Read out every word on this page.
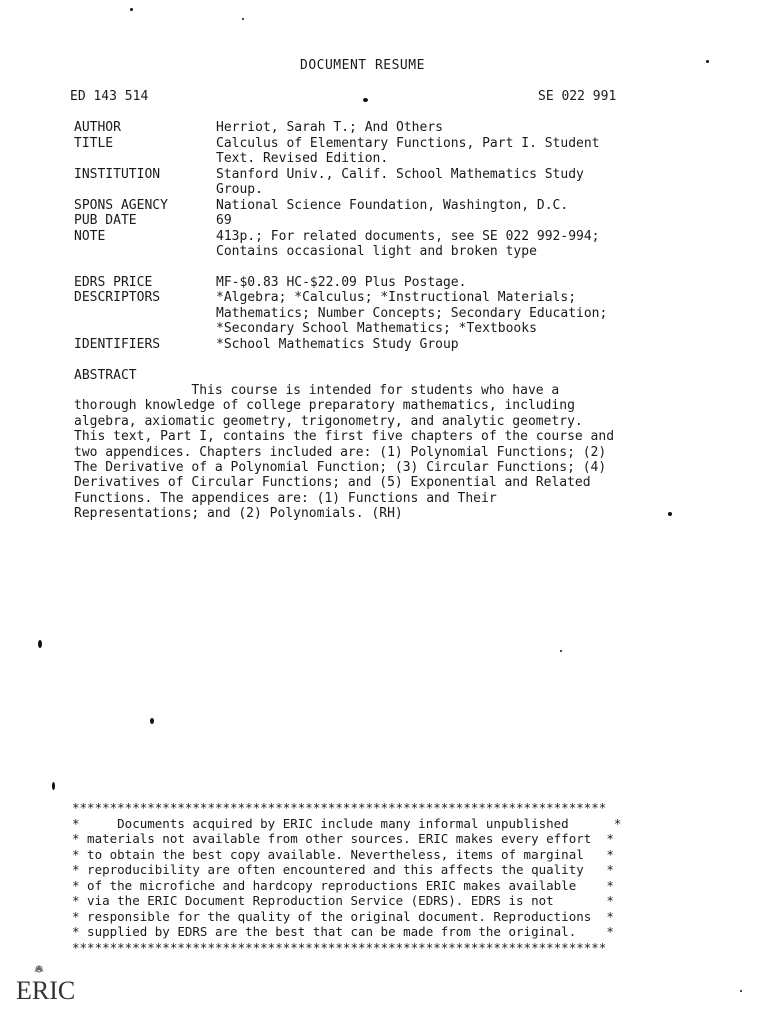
DOCUMENT RESUME
ED 143 514	SE 022 991
AUTHOR	Herriot, Sarah T.; And Others
TITLE	Calculus of Elementary Functions, Part I. Student
Text. Revised Edition.
INSTITUTION	Stanford Univ., Calif. School Mathematics Study
Group.
SPONS AGENCY	National Science Foundation, Washington, D.C.
PUB DATE	69
NOTE	413p.; For related documents, see SE 022 992-994;
Contains occasional light and broken type
EDRS PRICE	MF-$0.83 HC-$22.09 Plus Postage.
DESCRIPTORS	*Algebra; *Calculus; *Instructional Materials;
Mathematics; Number Concepts; Secondary Education;
*Secondary School Mathematics; *Textbooks
IDENTIFIERS	*School Mathematics Study Group
ABSTRACT
This course is intended for students who have a
thorough knowledge of college preparatory mathematics, including
algebra, axiomatic geometry, trigonometry, and analytic geometry.
This text, Part I, contains the first five chapters of the course and
two appendices. Chapters included are: (1) Polynomial Functions; (2)
The Derivative of a Polynomial Function; (3) Circular Functions; (4)
Derivatives of Circular Functions; and (5) Exponential and Related
Functions. The appendices are: (1) Functions and Their
Representations; and (2) Polynomials. (RH)
***********************************************************************
*     Documents acquired by ERIC include many informal unpublished      *
* materials not available from other sources. ERIC makes every effort  *
* to obtain the best copy available. Nevertheless, items of marginal   *
* reproducibility are often encountered and this affects the quality   *
* of the microfiche and hardcopy reproductions ERIC makes available    *
* via the ERIC Document Reproduction Service (EDRS). EDRS is not       *
* responsible for the quality of the original document. Reproductions  *
* supplied by EDRS are the best that can be made from the original.    *
***********************************************************************
ERIC
